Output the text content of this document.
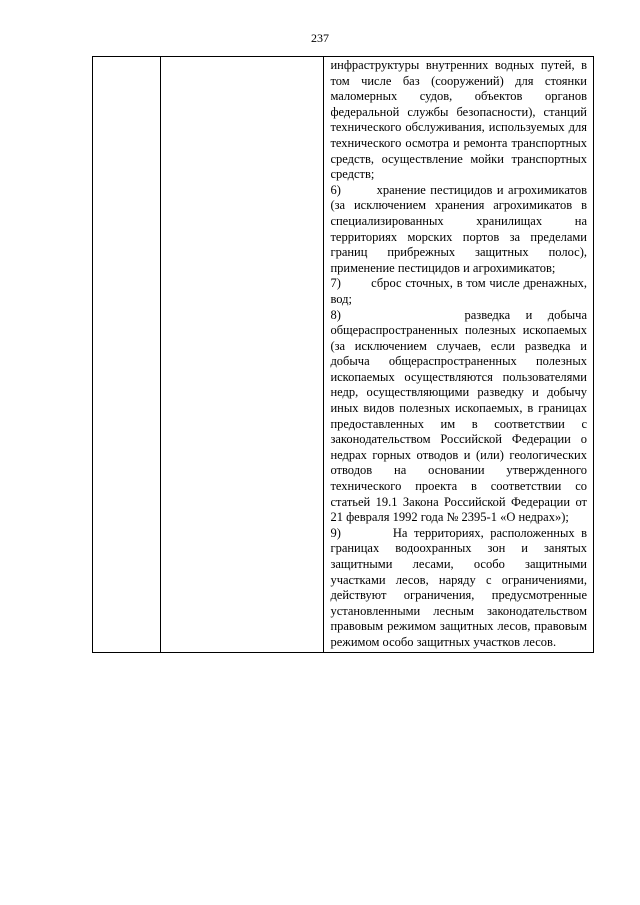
237

инфраструктуры внутренних водных путей, в том числе баз (сооружений) для стоянки маломерных судов, объектов органов федеральной службы безопасности), станций технического обслуживания, используемых для технического осмотра и ремонта транспортных средств, осуществление мойки транспортных средств;

6)        хранение пестицидов и агрохимикатов (за исключением хранения агрохимикатов в специализированных хранилищах на территориях морских портов за пределами границ прибрежных защитных полос), применение пестицидов и агрохимикатов;

7)        сброс сточных, в том числе дренажных, вод;

8)        разведка и добыча общераспространенных полезных ископаемых (за исключением случаев, если разведка и добыча общераспространенных полезных ископаемых осуществляются пользователями недр, осуществляющими разведку и добычу иных видов полезных ископаемых, в границах предоставленных им в соответствии с законодательством Российской Федерации о недрах горных отводов и (или) геологических отводов на основании утвержденного технического проекта в соответствии со статьей 19.1 Закона Российской Федерации от 21 февраля 1992 года № 2395-1 «О недрах»);

9)        На территориях, расположенных в границах водоохранных зон и занятых защитными лесами, особо защитными участками лесов, наряду с ограничениями, действуют ограничения, предусмотренные установленными лесным законодательством правовым режимом защитных лесов, правовым режимом особо защитных участков лесов.
